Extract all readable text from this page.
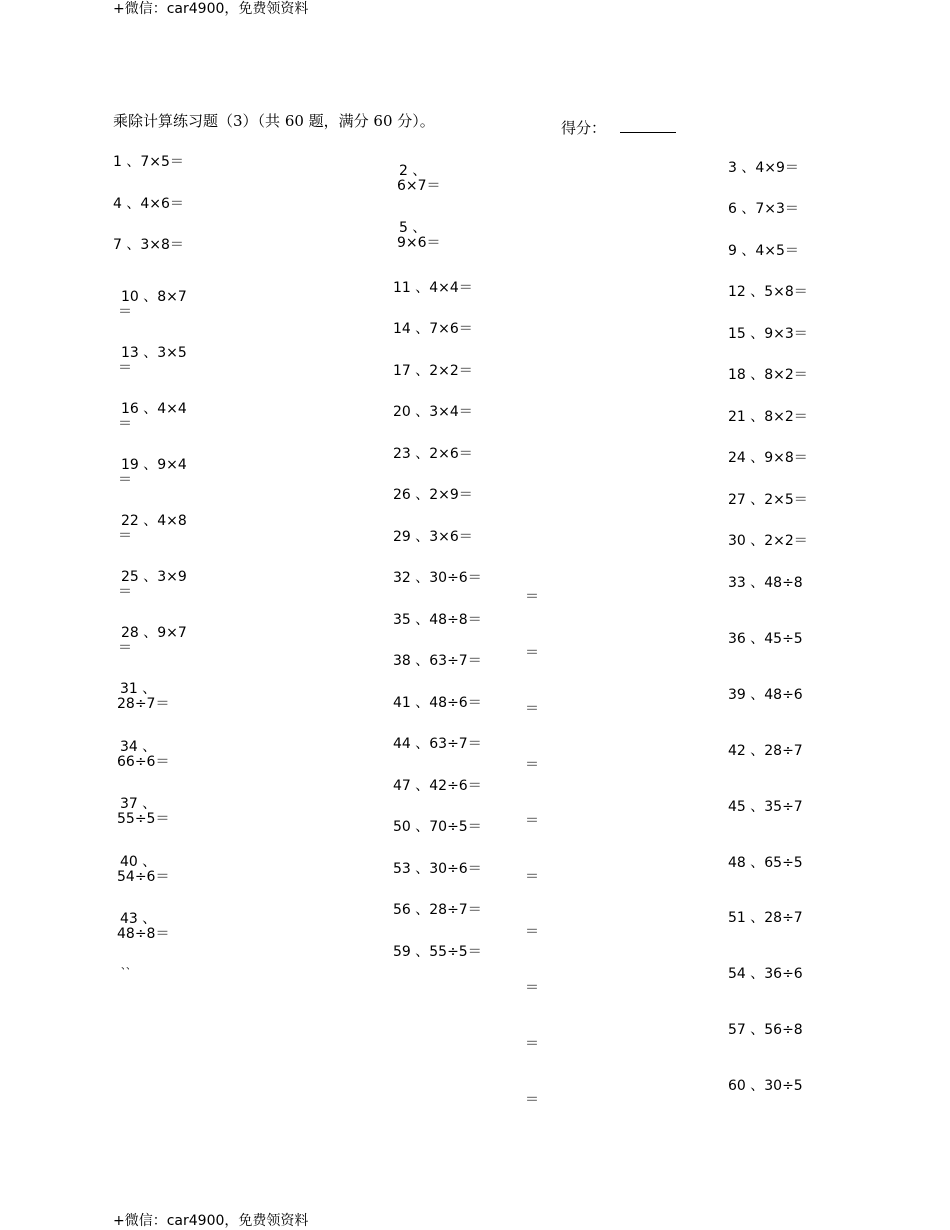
+微信：car4900，免费领资料
+微信：car4900，免费领资料
乘除计算练习题（3）（共 60 题，满分 60 分）。	得分：
1 、7×5＝
4 、4×6＝
7 、3×8＝
10 、8×7
＝
13 、3×5
＝
16 、4×4
＝
19 、9×4
＝
22 、4×8
＝
25 、3×9
＝
28 、9×7
＝
31 、
28÷7＝
34 、
66÷6＝
37 、
55÷5＝
40 、
54÷6＝
43 、
48÷8＝
、、
2 、
6×7＝
5 、
9×6＝
11 、4×4＝
14 、7×6＝
17 、2×2＝
20 、3×4＝
23 、2×6＝
26 、2×9＝
29 、3×6＝
32 、30÷6＝
35 、48÷8＝
38 、63÷7＝
41 、48÷6＝
44 、63÷7＝
47 、42÷6＝
50 、70÷5＝
53 、30÷6＝
56 、28÷7＝
59 、55÷5＝
＝
＝
＝
＝
＝
＝
＝
＝
＝
＝
3 、4×9＝
6 、7×3＝
9 、4×5＝
12 、5×8＝
15 、9×3＝
18 、8×2＝
21 、8×2＝
24 、9×8＝
27 、2×5＝
30 、2×2＝
33 、48÷8
36 、45÷5
39 、48÷6
42 、28÷7
45 、35÷7
48 、65÷5
51 、28÷7
54 、36÷6
57 、56÷8
60 、30÷5
